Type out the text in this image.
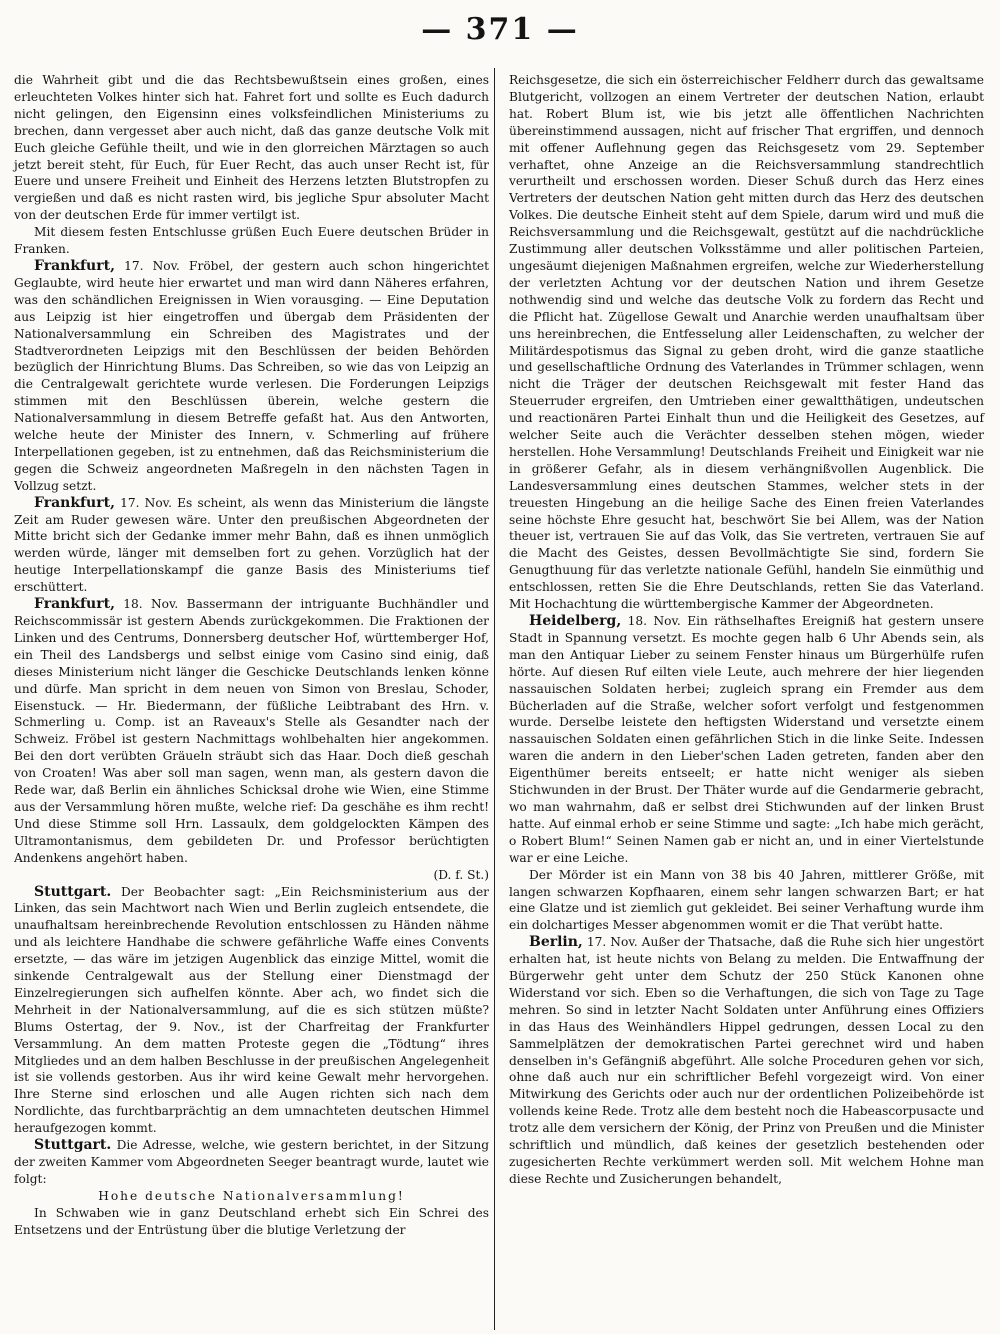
— 371 —

die Wahrheit gibt und die das Rechtsbewußtsein eines großen, eines erleuchteten Volkes hinter sich hat. Fahret fort und sollte es Euch dadurch nicht gelingen, den Eigensinn eines volksfeindlichen Ministeriums zu brechen, dann vergesset aber auch nicht, daß das ganze deutsche Volk mit Euch gleiche Gefühle theilt, und wie in den glorreichen Märztagen so auch jetzt bereit steht, für Euch, für Euer Recht, das auch unser Recht ist, für Euere und unsere Freiheit und Einheit des Herzens letzten Blutstropfen zu vergießen und daß es nicht rasten wird, bis jegliche Spur absoluter Macht von der deutschen Erde für immer vertilgt ist.

Mit diesem festen Entschlusse grüßen Euch Euere deutschen Brüder in Franken.

Frankfurt, 17. Nov. Fröbel, der gestern auch schon hingerichtet Geglaubte, wird heute hier erwartet und man wird dann Näheres erfahren, was den schändlichen Ereignissen in Wien vorausging. — Eine Deputation aus Leipzig ist hier eingetroffen und übergab dem Präsidenten der Nationalversammlung ein Schreiben des Magistrates und der Stadtverordneten Leipzigs mit den Beschlüssen der beiden Behörden bezüglich der Hinrichtung Blums. Das Schreiben, so wie das von Leipzig an die Centralgewalt gerichtete wurde verlesen. Die Forderungen Leipzigs stimmen mit den Beschlüssen überein, welche gestern die Nationalversammlung in diesem Betreffe gefaßt hat. Aus den Antworten, welche heute der Minister des Innern, v. Schmerling auf frühere Interpellationen gegeben, ist zu entnehmen, daß das Reichsministerium die gegen die Schweiz angeordneten Maßregeln in den nächsten Tagen in Vollzug setzt.

Frankfurt, 17. Nov. Es scheint, als wenn das Ministerium die längste Zeit am Ruder gewesen wäre. Unter den preußischen Abgeordneten der Mitte bricht sich der Gedanke immer mehr Bahn, daß es ihnen unmöglich werden würde, länger mit demselben fort zu gehen. Vorzüglich hat der heutige Interpellationskampf die ganze Basis des Ministeriums tief erschüttert.

Frankfurt, 18. Nov. Bassermann der intriguante Buchhändler und Reichscommissär ist gestern Abends zurückgekommen. Die Fraktionen der Linken und des Centrums, Donnersberg deutscher Hof, württemberger Hof, ein Theil des Landsbergs und selbst einige vom Casino sind einig, daß dieses Ministerium nicht länger die Geschicke Deutschlands lenken könne und dürfe. Man spricht in dem neuen von Simon von Breslau, Schoder, Eisenstuck. — Hr. Biedermann, der füßliche Leibtrabant des Hrn. v. Schmerling u. Comp. ist an Raveaux's Stelle als Gesandter nach der Schweiz. Fröbel ist gestern Nachmittags wohlbehalten hier angekommen. Bei den dort verübten Gräueln sträubt sich das Haar. Doch dieß geschah von Croaten! Was aber soll man sagen, wenn man, als gestern davon die Rede war, daß Berlin ein ähnliches Schicksal drohe wie Wien, eine Stimme aus der Versammlung hören mußte, welche rief: Da geschähe es ihm recht! Und diese Stimme soll Hrn. Lassaulx, dem goldgelockten Kämpen des Ultramontanismus, dem gebildeten Dr. und Professor berüchtigten Andenkens angehört haben.

(D. f. St.)

Stuttgart. Der Beobachter sagt: „Ein Reichsministerium aus der Linken, das sein Machtwort nach Wien und Berlin zugleich entsendete, die unaufhaltsam hereinbrechende Revolution entschlossen zu Händen nähme und als leichtere Handhabe die schwere gefährliche Waffe eines Convents ersetzte, — das wäre im jetzigen Augenblick das einzige Mittel, womit die sinkende Centralgewalt aus der Stellung einer Dienstmagd der Einzelregierungen sich aufhelfen könnte. Aber ach, wo findet sich die Mehrheit in der Nationalversammlung, auf die es sich stützen müßte? Blums Ostertag, der 9. Nov., ist der Charfreitag der Frankfurter Versammlung. An dem matten Proteste gegen die „Tödtung“ ihres Mitgliedes und an dem halben Beschlusse in der preußischen Angelegenheit ist sie vollends gestorben. Aus ihr wird keine Gewalt mehr hervorgehen. Ihre Sterne sind erloschen und alle Augen richten sich nach dem Nordlichte, das furchtbarprächtig an dem umnachteten deutschen Himmel heraufgezogen kommt.

Stuttgart. Die Adresse, welche, wie gestern berichtet, in der Sitzung der zweiten Kammer vom Abgeordneten Seeger beantragt wurde, lautet wie folgt:

Hohe deutsche Nationalversammlung!

In Schwaben wie in ganz Deutschland erhebt sich Ein Schrei des Entsetzens und der Entrüstung über die blutige Verletzung der

Reichsgesetze, die sich ein österreichischer Feldherr durch das gewaltsame Blutgericht, vollzogen an einem Vertreter der deutschen Nation, erlaubt hat. Robert Blum ist, wie bis jetzt alle öffentlichen Nachrichten übereinstimmend aussagen, nicht auf frischer That ergriffen, und dennoch mit offener Auflehnung gegen das Reichsgesetz vom 29. September verhaftet, ohne Anzeige an die Reichsversammlung standrechtlich verurtheilt und erschossen worden. Dieser Schuß durch das Herz eines Vertreters der deutschen Nation geht mitten durch das Herz des deutschen Volkes. Die deutsche Einheit steht auf dem Spiele, darum wird und muß die Reichsversammlung und die Reichsgewalt, gestützt auf die nachdrückliche Zustimmung aller deutschen Volksstämme und aller politischen Parteien, ungesäumt diejenigen Maßnahmen ergreifen, welche zur Wiederherstellung der verletzten Achtung vor der deutschen Nation und ihrem Gesetze nothwendig sind und welche das deutsche Volk zu fordern das Recht und die Pflicht hat. Zügellose Gewalt und Anarchie werden unaufhaltsam über uns hereinbrechen, die Entfesselung aller Leidenschaften, zu welcher der Militärdespotismus das Signal zu geben droht, wird die ganze staatliche und gesellschaftliche Ordnung des Vaterlandes in Trümmer schlagen, wenn nicht die Träger der deutschen Reichsgewalt mit fester Hand das Steuerruder ergreifen, den Umtrieben einer gewaltthätigen, undeutschen und reactionären Partei Einhalt thun und die Heiligkeit des Gesetzes, auf welcher Seite auch die Verächter desselben stehen mögen, wieder herstellen. Hohe Versammlung! Deutschlands Freiheit und Einigkeit war nie in größerer Gefahr, als in diesem verhängnißvollen Augenblick. Die Landesversammlung eines deutschen Stammes, welcher stets in der treuesten Hingebung an die heilige Sache des Einen freien Vaterlandes seine höchste Ehre gesucht hat, beschwört Sie bei Allem, was der Nation theuer ist, vertrauen Sie auf das Volk, das Sie vertreten, vertrauen Sie auf die Macht des Geistes, dessen Bevollmächtigte Sie sind, fordern Sie Genugthuung für das verletzte nationale Gefühl, handeln Sie einmüthig und entschlossen, retten Sie die Ehre Deutschlands, retten Sie das Vaterland. Mit Hochachtung die württembergische Kammer der Abgeordneten.

Heidelberg, 18. Nov. Ein räthselhaftes Ereigniß hat gestern unsere Stadt in Spannung versetzt. Es mochte gegen halb 6 Uhr Abends sein, als man den Antiquar Lieber zu seinem Fenster hinaus um Bürgerhülfe rufen hörte. Auf diesen Ruf eilten viele Leute, auch mehrere der hier liegenden nassauischen Soldaten herbei; zugleich sprang ein Fremder aus dem Bücherladen auf die Straße, welcher sofort verfolgt und festgenommen wurde. Derselbe leistete den heftigsten Widerstand und versetzte einem nassauischen Soldaten einen gefährlichen Stich in die linke Seite. Indessen waren die andern in den Lieber'schen Laden getreten, fanden aber den Eigenthümer bereits entseelt; er hatte nicht weniger als sieben Stichwunden in der Brust. Der Thäter wurde auf die Gendarmerie gebracht, wo man wahrnahm, daß er selbst drei Stichwunden auf der linken Brust hatte. Auf einmal erhob er seine Stimme und sagte: „Ich habe mich gerächt, o Robert Blum!“ Seinen Namen gab er nicht an, und in einer Viertelstunde war er eine Leiche.

Der Mörder ist ein Mann von 38 bis 40 Jahren, mittlerer Größe, mit langen schwarzen Kopfhaaren, einem sehr langen schwarzen Bart; er hat eine Glatze und ist ziemlich gut gekleidet. Bei seiner Verhaftung wurde ihm ein dolchartiges Messer abgenommen womit er die That verübt hatte.

Berlin, 17. Nov. Außer der Thatsache, daß die Ruhe sich hier ungestört erhalten hat, ist heute nichts von Belang zu melden. Die Entwaffnung der Bürgerwehr geht unter dem Schutz der 250 Stück Kanonen ohne Widerstand vor sich. Eben so die Verhaftungen, die sich von Tage zu Tage mehren. So sind in letzter Nacht Soldaten unter Anführung eines Offiziers in das Haus des Weinhändlers Hippel gedrungen, dessen Local zu den Sammelplätzen der demokratischen Partei gerechnet wird und haben denselben in's Gefängniß abgeführt. Alle solche Proceduren gehen vor sich, ohne daß auch nur ein schriftlicher Befehl vorgezeigt wird. Von einer Mitwirkung des Gerichts oder auch nur der ordentlichen Polizeibehörde ist vollends keine Rede. Trotz alle dem besteht noch die Habeascorpusacte und trotz alle dem versichern der König, der Prinz von Preußen und die Minister schriftlich und mündlich, daß keines der gesetzlich bestehenden oder zugesicherten Rechte verkümmert werden soll. Mit welchem Hohne man diese Rechte und Zusicherungen behandelt,
